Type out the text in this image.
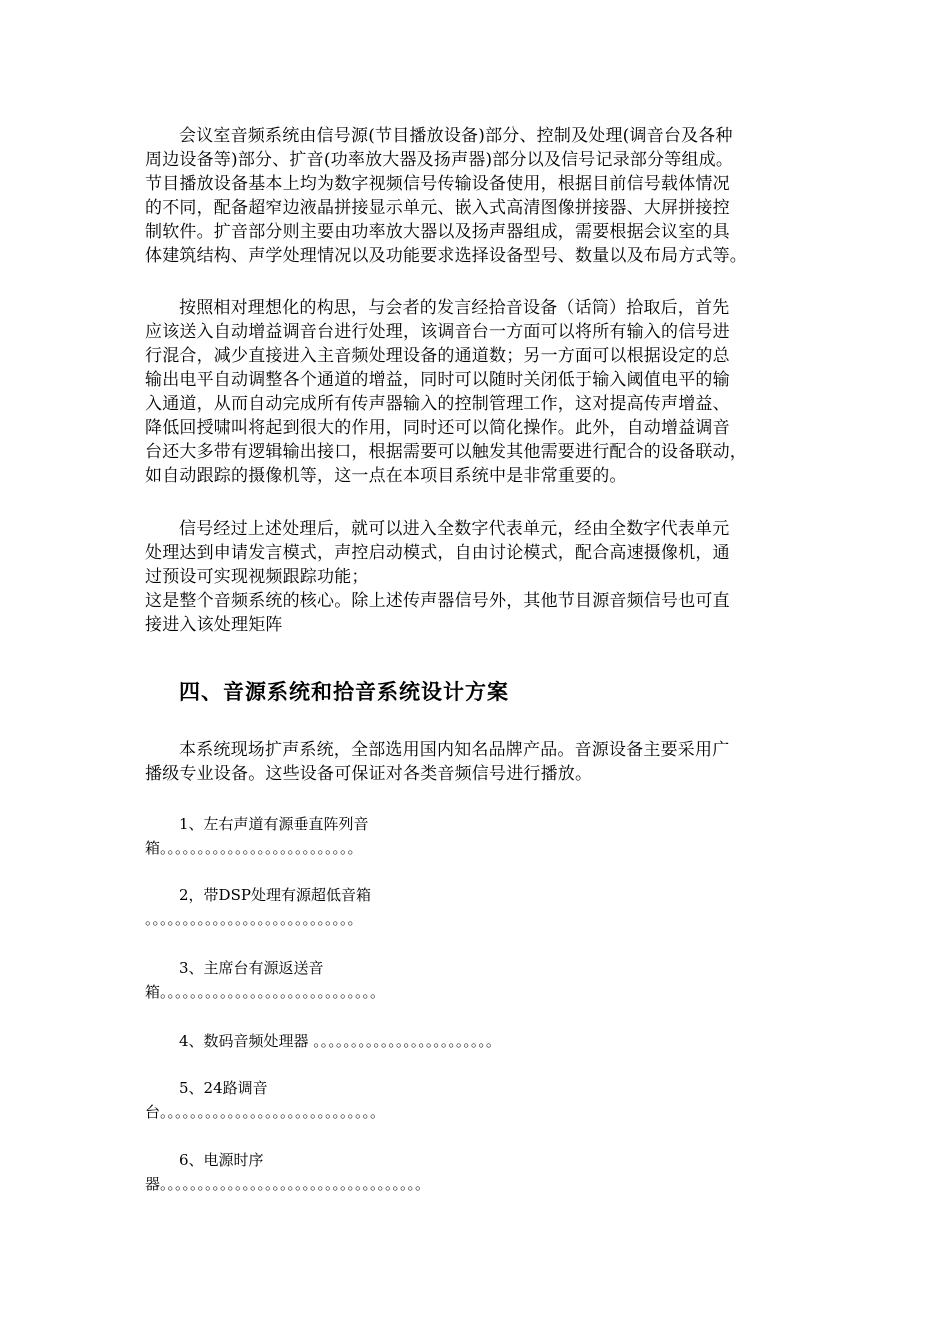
会议室音频系统由信号源(节目播放设备)部分、控制及处理(调音台及各种
周边设备等)部分、扩音(功率放大器及扬声器)部分以及信号记录部分等组成。
节目播放设备基本上均为数字视频信号传输设备使用，根据目前信号载体情况
的不同，配备超窄边液晶拼接显示单元、嵌入式高清图像拼接器、大屏拼接控
制软件。扩音部分则主要由功率放大器以及扬声器组成，需要根据会议室的具
体建筑结构、声学处理情况以及功能要求选择设备型号、数量以及布局方式等。
按照相对理想化的构思，与会者的发言经拾音设备（话筒）拾取后，首先
应该送入自动增益调音台进行处理，该调音台一方面可以将所有输入的信号进
行混合，减少直接进入主音频处理设备的通道数；另一方面可以根据设定的总
输出电平自动调整各个通道的增益，同时可以随时关闭低于输入阈值电平的输
入通道，从而自动完成所有传声器输入的控制管理工作，这对提高传声增益、
降低回授啸叫将起到很大的作用，同时还可以简化操作。此外，自动增益调音
台还大多带有逻辑输出接口，根据需要可以触发其他需要进行配合的设备联动，
如自动跟踪的摄像机等，这一点在本项目系统中是非常重要的。
信号经过上述处理后，就可以进入全数字代表单元，经由全数字代表单元
处理达到申请发言模式，声控启动模式，自由讨论模式，配合高速摄像机，通
过预设可实现视频跟踪功能；
这是整个音频系统的核心。除上述传声器信号外，其他节目源音频信号也可直
接进入该处理矩阵
四、音源系统和拾音系统设计方案
本系统现场扩声系统，全部选用国内知名品牌产品。音源设备主要采用广
播级专业设备。这些设备可保证对各类音频信号进行播放。
1、左右声道有源垂直阵列音
箱。。。。。。。。。。。。。。。。。。。。。。。。。。
2，带DSP处理有源超低音箱
。。。。。。。。。。。。。。。。。。。。。。。。。。。。
3、主席台有源返送音
箱。。。。。。。。。。。。。。。。。。。。。。。。。。。。。
4、数码音频处理器 。。。。。。。。。。。。。。。。。。。。。。。。
5、24路调音
台。。。。。。。。。。。。。。。。。。。。。。。。。。。。。
6、电源时序
器。。。。。。。。。。。。。。。。。。。。。。。。。。。。。。。。。。。
